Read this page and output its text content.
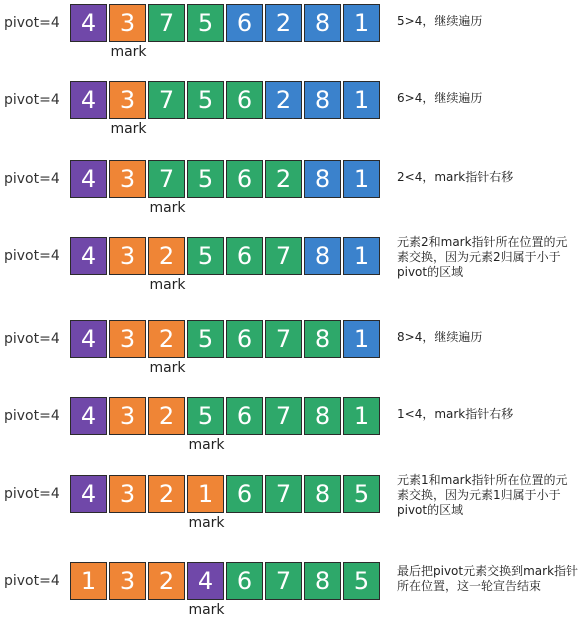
pivot=4 4 3 7 5 6 2 8 1
mark
5>4，继续遍历
pivot=4 4 3 7 5 6 2 8 1
mark
6>4，继续遍历
pivot=4 4 3 7 5 6 2 8 1
mark
2<4，mark指针右移
pivot=4 4 3 2 5 6 7 8 1
mark
元素2和mark指针所在位置的元素交换，因为元素2归属于小于pivot的区域
pivot=4 4 3 2 5 6 7 8 1
mark
8>4，继续遍历
pivot=4 4 3 2 5 6 7 8 1
mark
1<4，mark指针右移
pivot=4 4 3 2 1 6 7 8 5
mark
元素1和mark指针所在位置的元素交换，因为元素1归属于小于pivot的区域
pivot=4 1 3 2 4 6 7 8 5
mark
最后把pivot元素交换到mark指针所在位置，这一轮宣告结束
